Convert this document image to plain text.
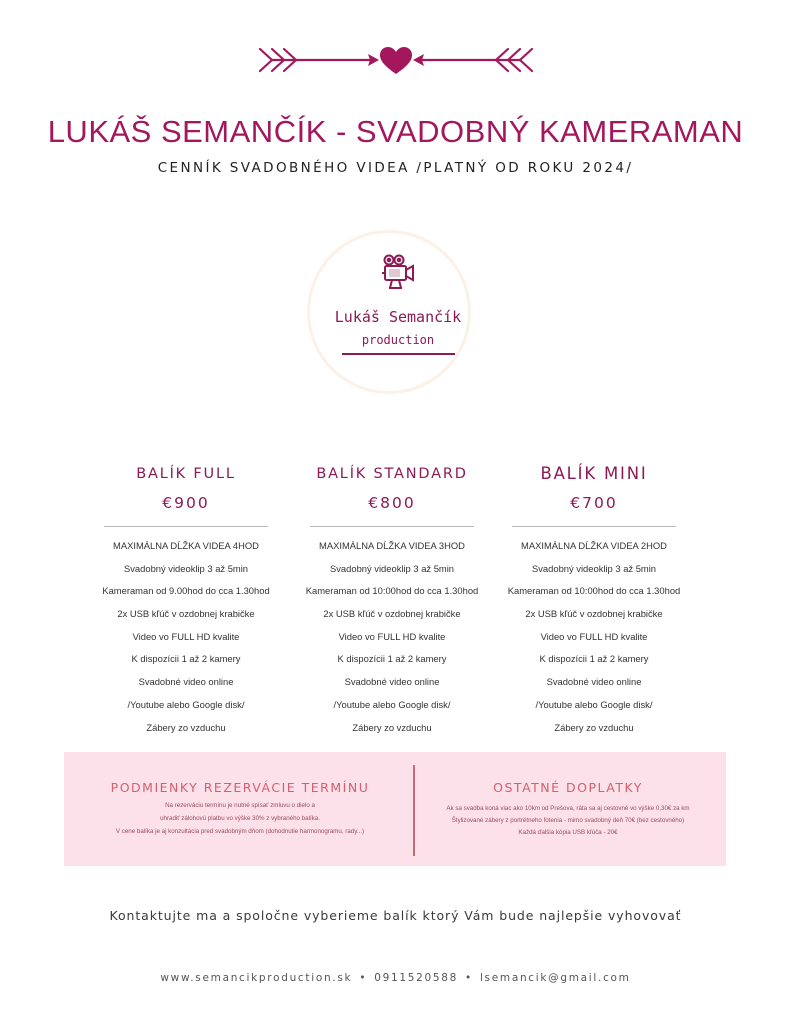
LUKÁŠ SEMANČÍK - SVADOBNÝ KAMERAMAN
CENNÍK SVADOBNÉHO VIDEA /PLATNÝ OD ROKU 2024/
Lukáš Semančík
production
BALÍK FULL
€900
MAXIMÁLNA DĹŽKA VIDEA 4HOD
Svadobný videoklip 3 až 5min
Kameraman od 9.00hod do cca 1.30hod
2x USB kľúč v ozdobnej krabičke
Video vo FULL HD kvalite
K dispozícii 1 až 2 kamery
Svadobné video online
/Youtube alebo Google disk/
Zábery zo vzduchu
BALÍK STANDARD
€800
MAXIMÁLNA DĹŽKA VIDEA 3HOD
Svadobný videoklip 3 až 5min
Kameraman od 10:00hod do cca 1.30hod
2x USB kľúč v ozdobnej krabičke
Video vo FULL HD kvalite
K dispozícii 1 až 2 kamery
Svadobné video online
/Youtube alebo Google disk/
Zábery zo vzduchu
BALÍK MINI
€700
MAXIMÁLNA DĹŽKA VIDEA 2HOD
Svadobný videoklip 3 až 5min
Kameraman od 10:00hod do cca 1.30hod
2x USB kľúč v ozdobnej krabičke
Video vo FULL HD kvalite
K dispozícii 1 až 2 kamery
Svadobné video online
/Youtube alebo Google disk/
Zábery zo vzduchu
PODMIENKY REZERVÁCIE TERMÍNU
Na rezerváciu termínu je nutné spísať zmluvu o dielo a
uhradiť zálohovú platbu vo výške 30% z vybraného balíka.
V cene balíka je aj konzultácia pred svadobným dňom (dohodnutie harmonogramu, rady...)
OSTATNÉ DOPLATKY
Ak sa svadba koná viac ako 10km od Prešova, ráta sa aj cestovné vo výške 0,30€ za km
Štylizované zábery z portrétneho fotenia - mimo svadobný deň 70€ (bez cestovného)
Každá ďalšia kópia USB kľúča - 20€
Kontaktujte ma a spoločne vyberieme balík ktorý Vám bude najlepšie vyhovovať
www.semancikproduction.sk • 0911520588 • lsemancik@gmail.com
